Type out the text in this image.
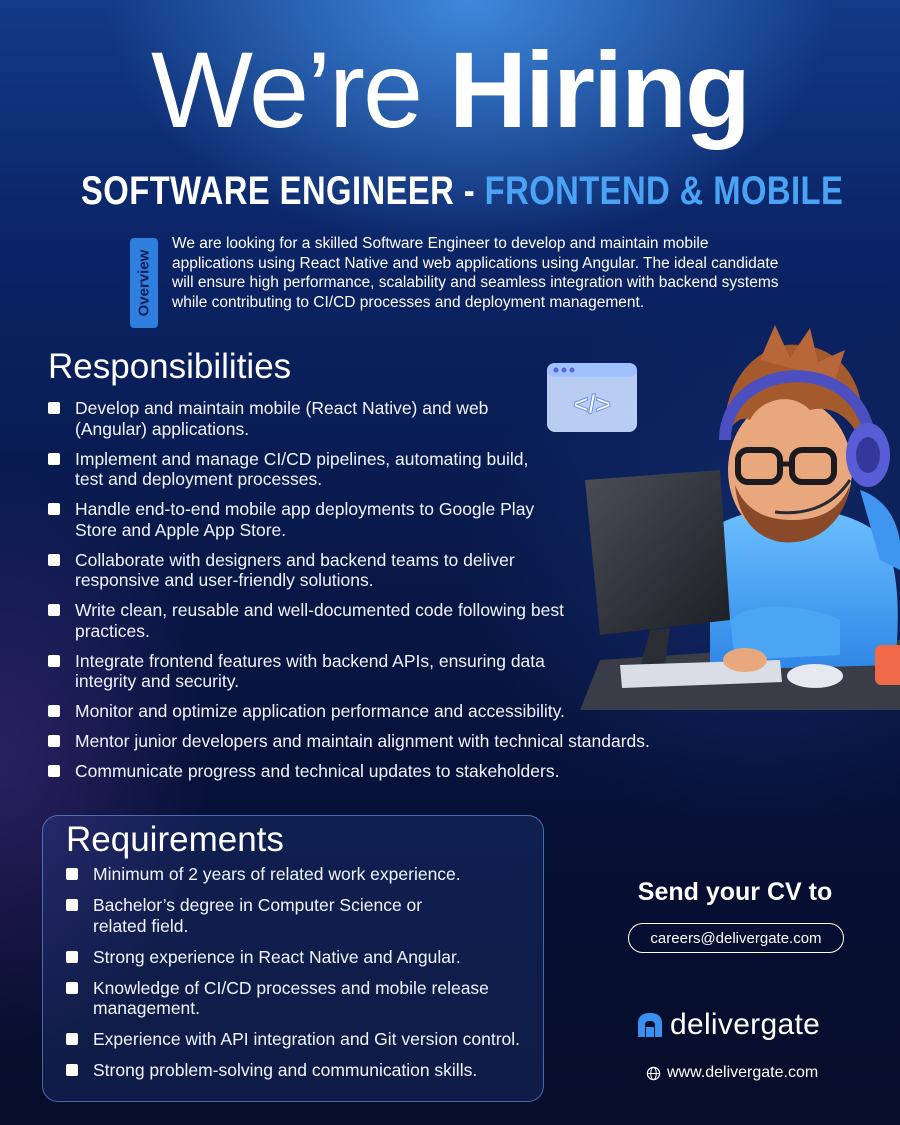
We’re Hiring
SOFTWARE ENGINEER - FRONTEND & MOBILE
Overview
We are looking for a skilled Software Engineer to develop and maintain mobile applications using React Native and web applications using Angular. The ideal candidate will ensure high performance, scalability and seamless integration with backend systems while contributing to CI/CD processes and deployment management.
</>
Responsibilities
Develop and maintain mobile (React Native) and web (Angular) applications.
Implement and manage CI/CD pipelines, automating build, test and deployment processes.
Handle end-to-end mobile app deployments to Google Play Store and Apple App Store.
Collaborate with designers and backend teams to deliver responsive and user-friendly solutions.
Write clean, reusable and well-documented code following best practices.
Integrate frontend features with backend APIs, ensuring data integrity and security.
Monitor and optimize application performance and accessibility.
Mentor junior developers and maintain alignment with technical standards.
Communicate progress and technical updates to stakeholders.
Requirements
Minimum of 2 years of related work experience.
Bachelor’s degree in Computer Science or related field.
Strong experience in React Native and Angular.
Knowledge of CI/CD processes and mobile release management.
Experience with API integration and Git version control.
Strong problem-solving and communication skills.
Send your CV to
careers@delivergate.com
delivergate
www.delivergate.com
